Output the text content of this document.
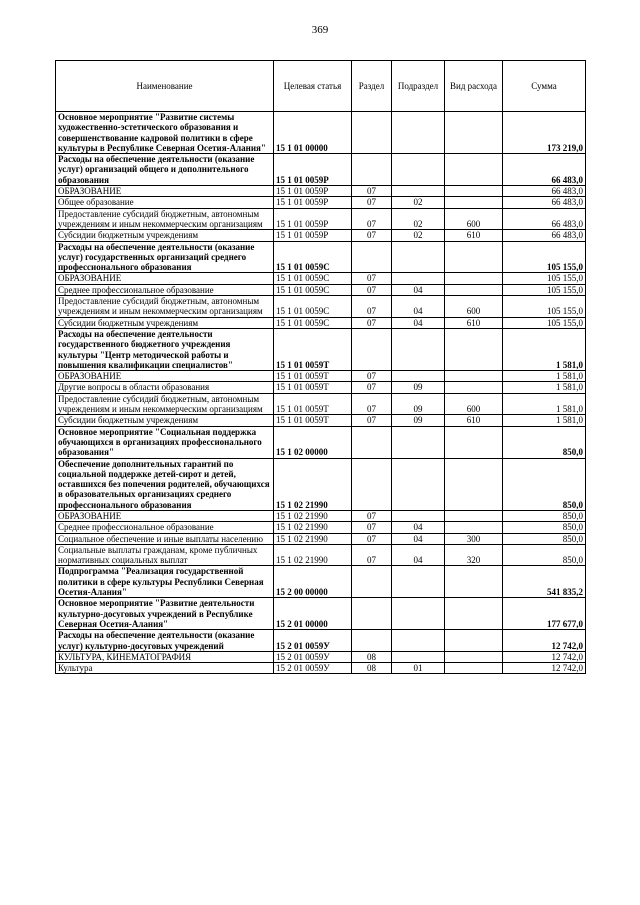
369
Наименование	Целевая статья	Раздел	Подраздел	Вид расхода	Сумма
Основное мероприятие "Развитие системы художественно-эстетического образования и совершенствование кадровой политики в сфере культуры в Республике Северная Осетия-Алания"	15 1 01 00000				173 219,0
Расходы на обеспечение деятельности (оказание услуг) организаций общего и дополнительного образования	15 1 01 0059Р				66 483,0
ОБРАЗОВАНИЕ	15 1 01 0059Р	07			66 483,0
Общее образование	15 1 01 0059Р	07	02		66 483,0
Предоставление субсидий бюджетным, автономным учреждениям и иным некоммерческим организациям	15 1 01 0059Р	07	02	600	66 483,0
Субсидии бюджетным учреждениям	15 1 01 0059Р	07	02	610	66 483,0
Расходы на обеспечение деятельности (оказание услуг) государственных организаций среднего профессионального образования	15 1 01 0059С				105 155,0
ОБРАЗОВАНИЕ	15 1 01 0059С	07			105 155,0
Среднее профессиональное образование	15 1 01 0059С	07	04		105 155,0
Предоставление субсидий бюджетным, автономным учреждениям и иным некоммерческим организациям	15 1 01 0059С	07	04	600	105 155,0
Субсидии бюджетным учреждениям	15 1 01 0059С	07	04	610	105 155,0
Расходы на обеспечение деятельности государственного бюджетного учреждения культуры "Центр методической работы и повышения квалификации специалистов"	15 1 01 0059Т				1 581,0
ОБРАЗОВАНИЕ	15 1 01 0059Т	07			1 581,0
Другие вопросы в области образования	15 1 01 0059Т	07	09		1 581,0
Предоставление субсидий бюджетным, автономным учреждениям и иным некоммерческим организациям	15 1 01 0059Т	07	09	600	1 581,0
Субсидии бюджетным учреждениям	15 1 01 0059Т	07	09	610	1 581,0
Основное мероприятие "Социальная поддержка обучающихся в организациях профессионального образования"	15 1 02 00000				850,0
Обеспечение дополнительных гарантий по социальной поддержке детей-сирот и детей, оставшихся без попечения родителей, обучающихся в образовательных организациях среднего профессионального образования	15 1 02 21990				850,0
ОБРАЗОВАНИЕ	15 1 02 21990	07			850,0
Среднее профессиональное образование	15 1 02 21990	07	04		850,0
Социальное обеспечение и иные выплаты населению	15 1 02 21990	07	04	300	850,0
Социальные выплаты гражданам, кроме публичных нормативных социальных выплат	15 1 02 21990	07	04	320	850,0
Подпрограмма "Реализация государственной политики в сфере культуры Республики Северная Осетия-Алания"	15 2 00 00000				541 835,2
Основное мероприятие "Развитие деятельности культурно-досуговых учреждений в Республике Северная Осетия-Алания"	15 2 01 00000				177 677,0
Расходы на обеспечение деятельности (оказание услуг) культурно-досуговых учреждений	15 2 01 0059У				12 742,0
КУЛЬТУРА, КИНЕМАТОГРАФИЯ	15 2 01 0059У	08			12 742,0
Культура	15 2 01 0059У	08	01		12 742,0
